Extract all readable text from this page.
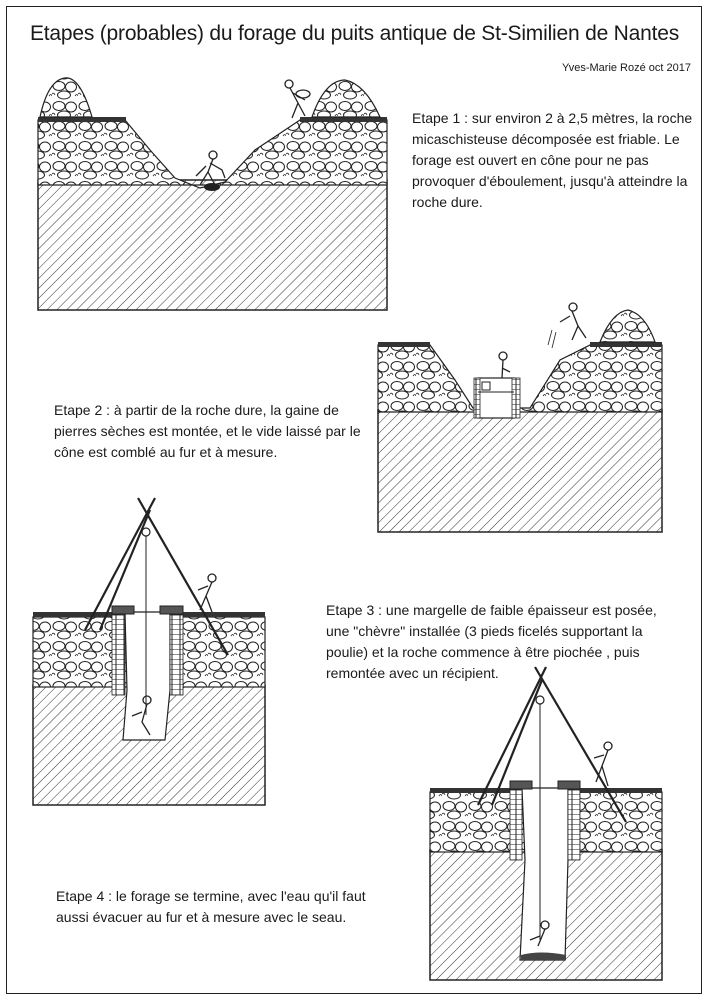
Etapes (probables) du forage du puits antique de St-Similien de Nantes
Yves-Marie Rozé oct 2017

Etape 1 : sur environ 2 à 2,5 mètres, la roche micaschisteuse décomposée est friable. Le forage est ouvert en cône pour ne pas provoquer d'éboulement, jusqu'à atteindre la roche dure.

Etape 2 : à partir de la roche dure, la gaine de pierres sèches est montée, et le vide laissé par le cône est comblé au fur et à mesure.

Etape 3 : une margelle de faible épaisseur est posée, une "chèvre" installée (3 pieds ficelés supportant la poulie) et la roche commence à être piochée , puis remontée avec un récipient.

Etape 4 : le forage se termine, avec l'eau qu'il faut aussi évacuer au fur et à mesure avec le seau.
